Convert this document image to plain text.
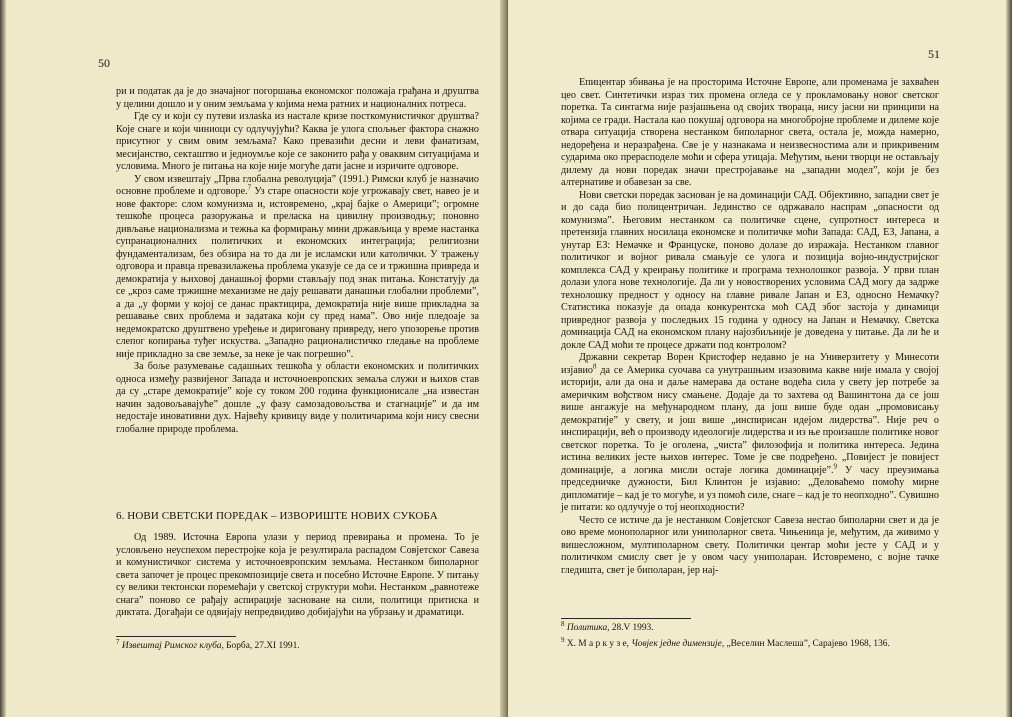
50

ри и податак да је до значајног погоршања економског положаја грађана и друштва у целини дошло и у оним земљама у којима нема ратних и националних потреса.

Где су и који су путеви излаska из настале кризе посткомунистичког друштва? Које снаге и који чиниоци су одлучујући? Каква је улога спољњег фактора снажно присутног у свим овим земљама? Како превазићи десни и леви фанатизам, месијанство, секташтво и једноумље које се законито рађа у оваквим ситуацијама и условима. Много је питања на које није могуће дати јасне и изричите одговоре.

У свом извештају „Прва глобална револуција” (1991.) Римски клуб је назначио основне проблеме и одговоре.$^7$ Уз старе опасности које угрожавају свет, навео је и нове факторе: слом комунизма и, истовремено, „крај бајке о Америци”; огромне тешкоће процеса разоружања и преласка на цивилну производњу; поновно дивљање национализма и тежња ка формирању мини држављица у време настанка супранационалних политичких и економских интеграција; религиозни фундаментализам, без обзира на то да ли је исламски или католички. У тражењу одговора и правца превазилажења проблема указује се да се и тржишна привреда и демократија у њиховој данашњој форми стављају под знак питања. Констатују да се „кроз саме тржишне механизме не дају решавати данашњи глобални проблеми”, а да „у форми у којој се данас практицира, демократија није више прикладна за решавање свих проблема и задатака који су пред нама”. Ово није пледоаје за недемократско друштвено уређење и дириговану привреду, него упозорење против слепог копирања туђег искуства. „Западно рационалистичко гледање на проблеме није прикладно за све земље, за неке је чак погрешно”.

За боље разумевање садашњих тешкоћа у области економских и политичких односа између развијеног Запада и источноевропских земаља служи и њихов став да су „старе демократије” које су током 200 година функционисале „на известан начин задовољавајуће” дошле „у фазу самозадовољства и стагнације” и да им недостаје иновативни дух. Највећу кривицу виде у политичарима који нису свесни глобалне природе проблема.

6. НОВИ СВЕТСКИ ПОРЕДАК – ИЗВОРИШТЕ НОВИХ СУКОБА

Од 1989. Источна Европа улази у период превирања и промена. То је условљено неуспехом перестројке која је резултирала распадом Совјетског Савеза и комунистичког система у источноевропским земљама. Нестанком биполарног света започет је процес прекомпозиције света и посебно Источне Европе. У питању су велики тектонски поремећаји у светској структури моћи. Нестанком „равнотеже снага” поново се рађају аспирације засноване на сили, политици притиска и диктата. Догађаји се одвијају непредвидиво добијајући на убрзању и драматици.

$^7$ Извештај Римског клуба, Борба, 27.XI 1991.
51

Епицентар збивања је на просторима Источне Европе, али променама је захваћен цео свет. Синтетички израз тих промена огледа се у прокламовању новог светског поретка. Та синтагма није разјашњена од својих твораца, нису јасни ни принципи на којима се гради. Настала као покушај одговора на многобројне проблеме и дилеме које отвара ситуација створена нестанком биполарног света, остала је, можда намерно, недоређена и неразрађена. Све је у назнакама и неизвесностима али и прикривеним сударима око прерасподеле моћи и сфера утицаја. Међутим, њени творци не остављају дилему да нови поредак значи престројавање на „западни модел”, који је без алтернативе и обавезан за све.

Нови светски поредак заснован је на доминацији САД. Објективно, западни свет је и до сада био полицентричан. Јединство се одржавало наспрам „опасности од комунизма”. Његовим нестанком са политичке сцене, супротност интереса и претензија главних носилаца економске и политичке моћи Запада: САД, ЕЗ, Јапана, а унутар ЕЗ: Немачке и Француске, поново долазе до изражаја. Нестанком главног политичког и војног ривала смањује се улога и позиција војно-индустријског комплекса САД у креирању политике и програма технолошког развоја. У први план долази улога нове технологије. Да ли у новостворених условима САД могу да задрже технолошку предност у односу на главне ривале Јапан и ЕЗ, односно Немачку? Статистика показује да опада конкурентска моћ САД због застоја у динамици привредног развоја у последњих 15 година у односу на Јапан и Немачку. Светска доминација САД на економском плану најозбиљније је доведена у питање. Да ли ће и докле САД моћи те процесе држати под контролом?

Државни секретар Ворен Кристофер недавно је на Универзитету у Минесоти изјавио$^8$ да се Америка суочава са унутрашњим изазовима какве није имала у својој историји, али да она и даље намерава да остане водећа сила у свету јер потребе за америчким вођством нису смањене. Додаје да то захтева од Вашингтона да се још више ангажује на међународном плану, да још више буде одан „промовисању демократије” у свету, и још више „инспирисан идејом лидерства”. Није реч о инспирацији, већ о производу идеологије лидерства и из ње произашле политике новог светског поретка. То је оголена, „чиста” филозофија и политика интереса. Једина истина великих јесте њихов интерес. Томе је све подређено. „Повијест је повијест доминације, а логика мисли остаје логика доминације”.$^9$ У часу преузимања председничке дужности, Бил Клинтон је изјавио: „Деловаћемо помоћу мирне дипломатије – кад је то могуће, и уз помоћ силе, снаге – кад је то неопходно”. Сувишно је питати: ко одлучује о тој неопходности?

Често се истиче да је нестанком Совјетског Савеза нестао биполарни свет и да је ово време монополарног или униполарног света. Чињеница је, међутим, да живимо у вишесложном, мултиполарном свету. Политички центар моћи јесте у САД и у политичком смислу свет је у овом часу униполаран. Истовремено, с војне тачке гледишта, свет је биполаран, јер нај-

$^8$ Политика, 28.V 1993.
$^9$ Х. М а р к у з е, Човјек једне димензије, „Веселин Маслеша”, Сарајево 1968, 136.
